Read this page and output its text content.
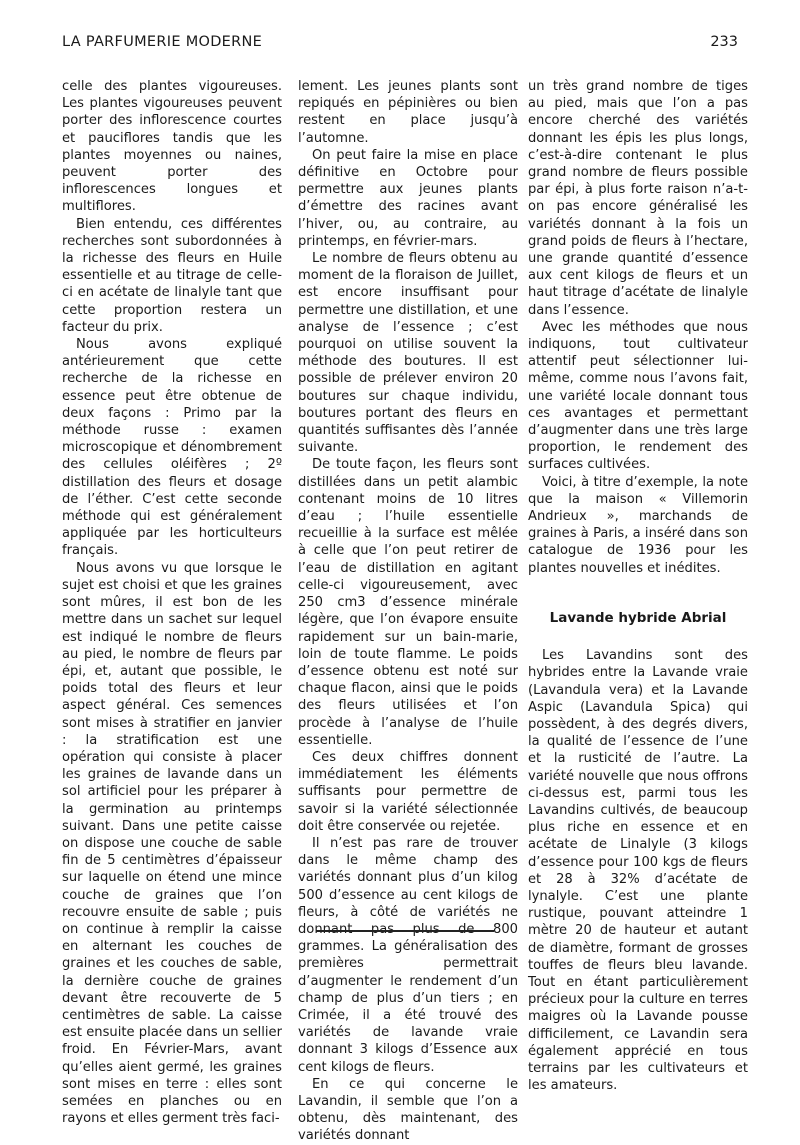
LA PARFUMERIE MODERNE	233

celle des plantes vigoureuses. Les plantes vigoureuses peuvent porter des inflorescence courtes et pauciflores tandis que les plantes moyennes ou naines, peuvent porter des inflorescences longues et multiflores.

Bien entendu, ces différentes recherches sont subordonnées à la richesse des fleurs en Huile essentielle et au titrage de celle-ci en acétate de linalyle tant que cette proportion restera un facteur du prix.

Nous avons expliqué antérieurement que cette recherche de la richesse en essence peut être obtenue de deux façons : Primo par la méthode russe : examen microscopique et dénombrement des cellules oléifères ; 2º distillation des fleurs et dosage de l’éther. C’est cette seconde méthode qui est généralement appliquée par les horticulteurs français.

Nous avons vu que lorsque le sujet est choisi et que les graines sont mûres, il est bon de les mettre dans un sachet sur lequel est indiqué le nombre de fleurs au pied, le nombre de fleurs par épi, et, autant que possible, le poids total des fleurs et leur aspect général. Ces semences sont mises à stratifier en janvier : la stratification est une opération qui consiste à placer les graines de lavande dans un sol artificiel pour les préparer à la germination au printemps suivant. Dans une petite caisse on dispose une couche de sable fin de 5 centimètres d’épaisseur sur laquelle on étend une mince couche de graines que l’on recouvre ensuite de sable ; puis on continue à remplir la caisse en alternant les couches de graines et les couches de sable, la dernière couche de graines devant être recouverte de 5 centimètres de sable. La caisse est ensuite placée dans un sellier froid. En Février-Mars, avant qu’elles aient germé, les graines sont mises en terre : elles sont semées en planches ou en rayons et elles germent très faci-

lement. Les jeunes plants sont repiqués en pépinières ou bien restent en place jusqu’à l’automne.

On peut faire la mise en place définitive en Octobre pour permettre aux jeunes plants d’émettre des racines avant l’hiver, ou, au contraire, au printemps, en février-mars.

Le nombre de fleurs obtenu au moment de la floraison de Juillet, est encore insuffisant pour permettre une distillation, et une analyse de l’essence ; c’est pourquoi on utilise souvent la méthode des boutures. Il est possible de prélever environ 20 boutures sur chaque individu, boutures portant des fleurs en quantités suffisantes dès l’année suivante.

De toute façon, les fleurs sont distillées dans un petit alambic contenant moins de 10 litres d’eau ; l’huile essentielle recueillie à la surface est mêlée à celle que l’on peut retirer de l’eau de distillation en agitant celle-ci vigoureusement, avec 250 cm3 d’essence minérale légère, que l’on évapore ensuite rapidement sur un bain-marie, loin de toute flamme. Le poids d’essence obtenu est noté sur chaque flacon, ainsi que le poids des fleurs utilisées et l’on procède à l’analyse de l’huile essentielle.

Ces deux chiffres donnent immédiatement les éléments suffisants pour permettre de savoir si la variété sélectionnée doit être conservée ou rejetée.

Il n’est pas rare de trouver dans le même champ des variétés donnant plus d’un kilog 500 d’essence au cent kilogs de fleurs, à côté de variétés ne donnant pas plus de 800 grammes. La généralisation des premières permettrait d’augmenter le rendement d’un champ de plus d’un tiers ; en Crimée, il a été trouvé des variétés de lavande vraie donnant 3 kilogs d’Essence aux cent kilogs de fleurs.

En ce qui concerne le Lavandin, il semble que l’on a obtenu, dès maintenant, des variétés donnant

un très grand nombre de tiges au pied, mais que l’on a pas encore cherché des variétés donnant les épis les plus longs, c’est-à-dire contenant le plus grand nombre de fleurs possible par épi, à plus forte raison n’a-t-on pas encore généralisé les variétés donnant à la fois un grand poids de fleurs à l’hectare, une grande quantité d’essence aux cent kilogs de fleurs et un haut titrage d’acétate de linalyle dans l’essence.

Avec les méthodes que nous indiquons, tout cultivateur attentif peut sélectionner lui-même, comme nous l’avons fait, une variété locale donnant tous ces avantages et permettant d’augmenter dans une très large proportion, le rendement des surfaces cultivées.

Voici, à titre d’exemple, la note que la maison « Villemorin Andrieux », marchands de graines à Paris, a inséré dans son catalogue de 1936 pour les plantes nouvelles et inédites.

Lavande hybride Abrial

Les Lavandins sont des hybrides entre la Lavande vraie (Lavandula vera) et la Lavande Aspic (Lavandula Spica) qui possèdent, à des degrés divers, la qualité de l’essence de l’une et la rusticité de l’autre. La variété nouvelle que nous offrons ci-dessus est, parmi tous les Lavandins cultivés, de beaucoup plus riche en essence et en acétate de Linalyle (3 kilogs d’essence pour 100 kgs de fleurs et 28 à 32% d’acétate de lynalyle. C’est une plante rustique, pouvant atteindre 1 mètre 20 de hauteur et autant de diamètre, formant de grosses touffes de fleurs bleu lavande. Tout en étant particulièrement précieux pour la culture en terres maigres où la Lavande pousse difficilement, ce Lavandin sera également apprécié en tous terrains par les cultivateurs et les amateurs.
